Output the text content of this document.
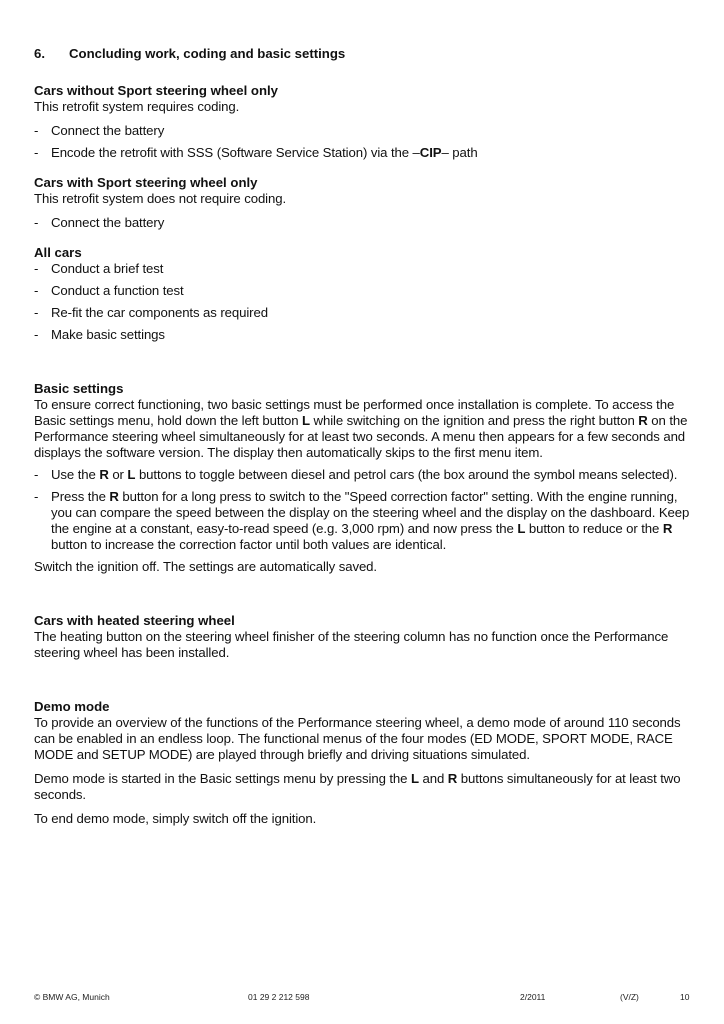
6.	Concluding work, coding and basic settings
Cars without Sport steering wheel only

This retrofit system requires coding.

- Connect the battery
- Encode the retrofit with SSS (Software Service Station) via the –CIP– path
Cars with Sport steering wheel only

This retrofit system does not require coding.

- Connect the battery
All cars
- Conduct a brief test
- Conduct a function test
- Re-fit the car components as required
- Make basic settings
Basic settings

To ensure correct functioning, two basic settings must be performed once installation is complete. To access the Basic settings menu, hold down the left button L while switching on the ignition and press the right button R on the Performance steering wheel simultaneously for at least two seconds. A menu then appears for a few seconds and displays the software version. The display then automatically skips to the first menu item.

- Use the R or L buttons to toggle between diesel and petrol cars (the box around the symbol means selected).
- Press the R button for a long press to switch to the "Speed correction factor" setting. With the engine running, you can compare the speed between the display on the steering wheel and the display on the dashboard. Keep the engine at a constant, easy-to-read speed (e.g. 3,000 rpm) and now press the L button to reduce or the R button to increase the correction factor until both values are identical.

Switch the ignition off. The settings are automatically saved.

Cars with heated steering wheel

The heating button on the steering wheel finisher of the steering column has no function once the Performance steering wheel has been installed.

Demo mode

To provide an overview of the functions of the Performance steering wheel, a demo mode of around 110 seconds can be enabled in an endless loop. The functional menus of the four modes (ED MODE, SPORT MODE, RACE MODE and SETUP MODE) are played through briefly and driving situations simulated.

Demo mode is started in the Basic settings menu by pressing the L and R buttons simultaneously for at least two seconds.

To end demo mode, simply switch off the ignition.

© BMW AG, Munich	01 29 2 212 598	2/2011	(V/Z)	10
